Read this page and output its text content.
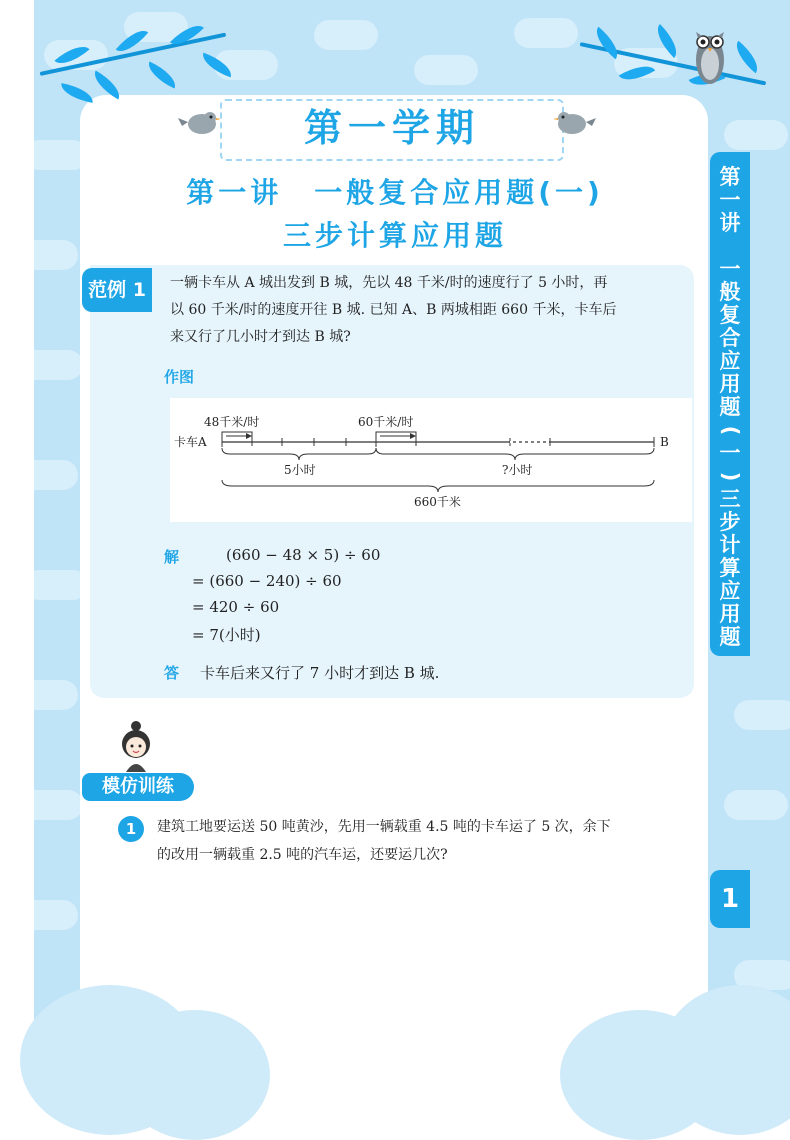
第一学期
第一讲　一般复合应用题(一)
三步计算应用题
第
一
讲

一
般
复
合
应
用
题
(
一
)
三
步
计
算
应
用
题
1
范例 1	一辆卡车从 A 城出发到 B 城，先以 48 千米/时的速度行了 5 小时，再
以 60 千米/时的速度开往 B 城. 已知 A、B 两城相距 660 千米，卡车后
来又行了几小时才到达 B 城?
作图
48千米/时	60千米/时
卡车A	B
5小时	?小时
660千米
解	(660 − 48 × 5) ÷ 60
= (660 − 240) ÷ 60
= 420 ÷ 60
= 7(小时)
答 卡车后来又行了 7 小时才到达 B 城.
模仿训练
1	建筑工地要运送 50 吨黄沙，先用一辆载重 4.5 吨的卡车运了 5 次，余下
的改用一辆载重 2.5 吨的汽车运，还要运几次?
